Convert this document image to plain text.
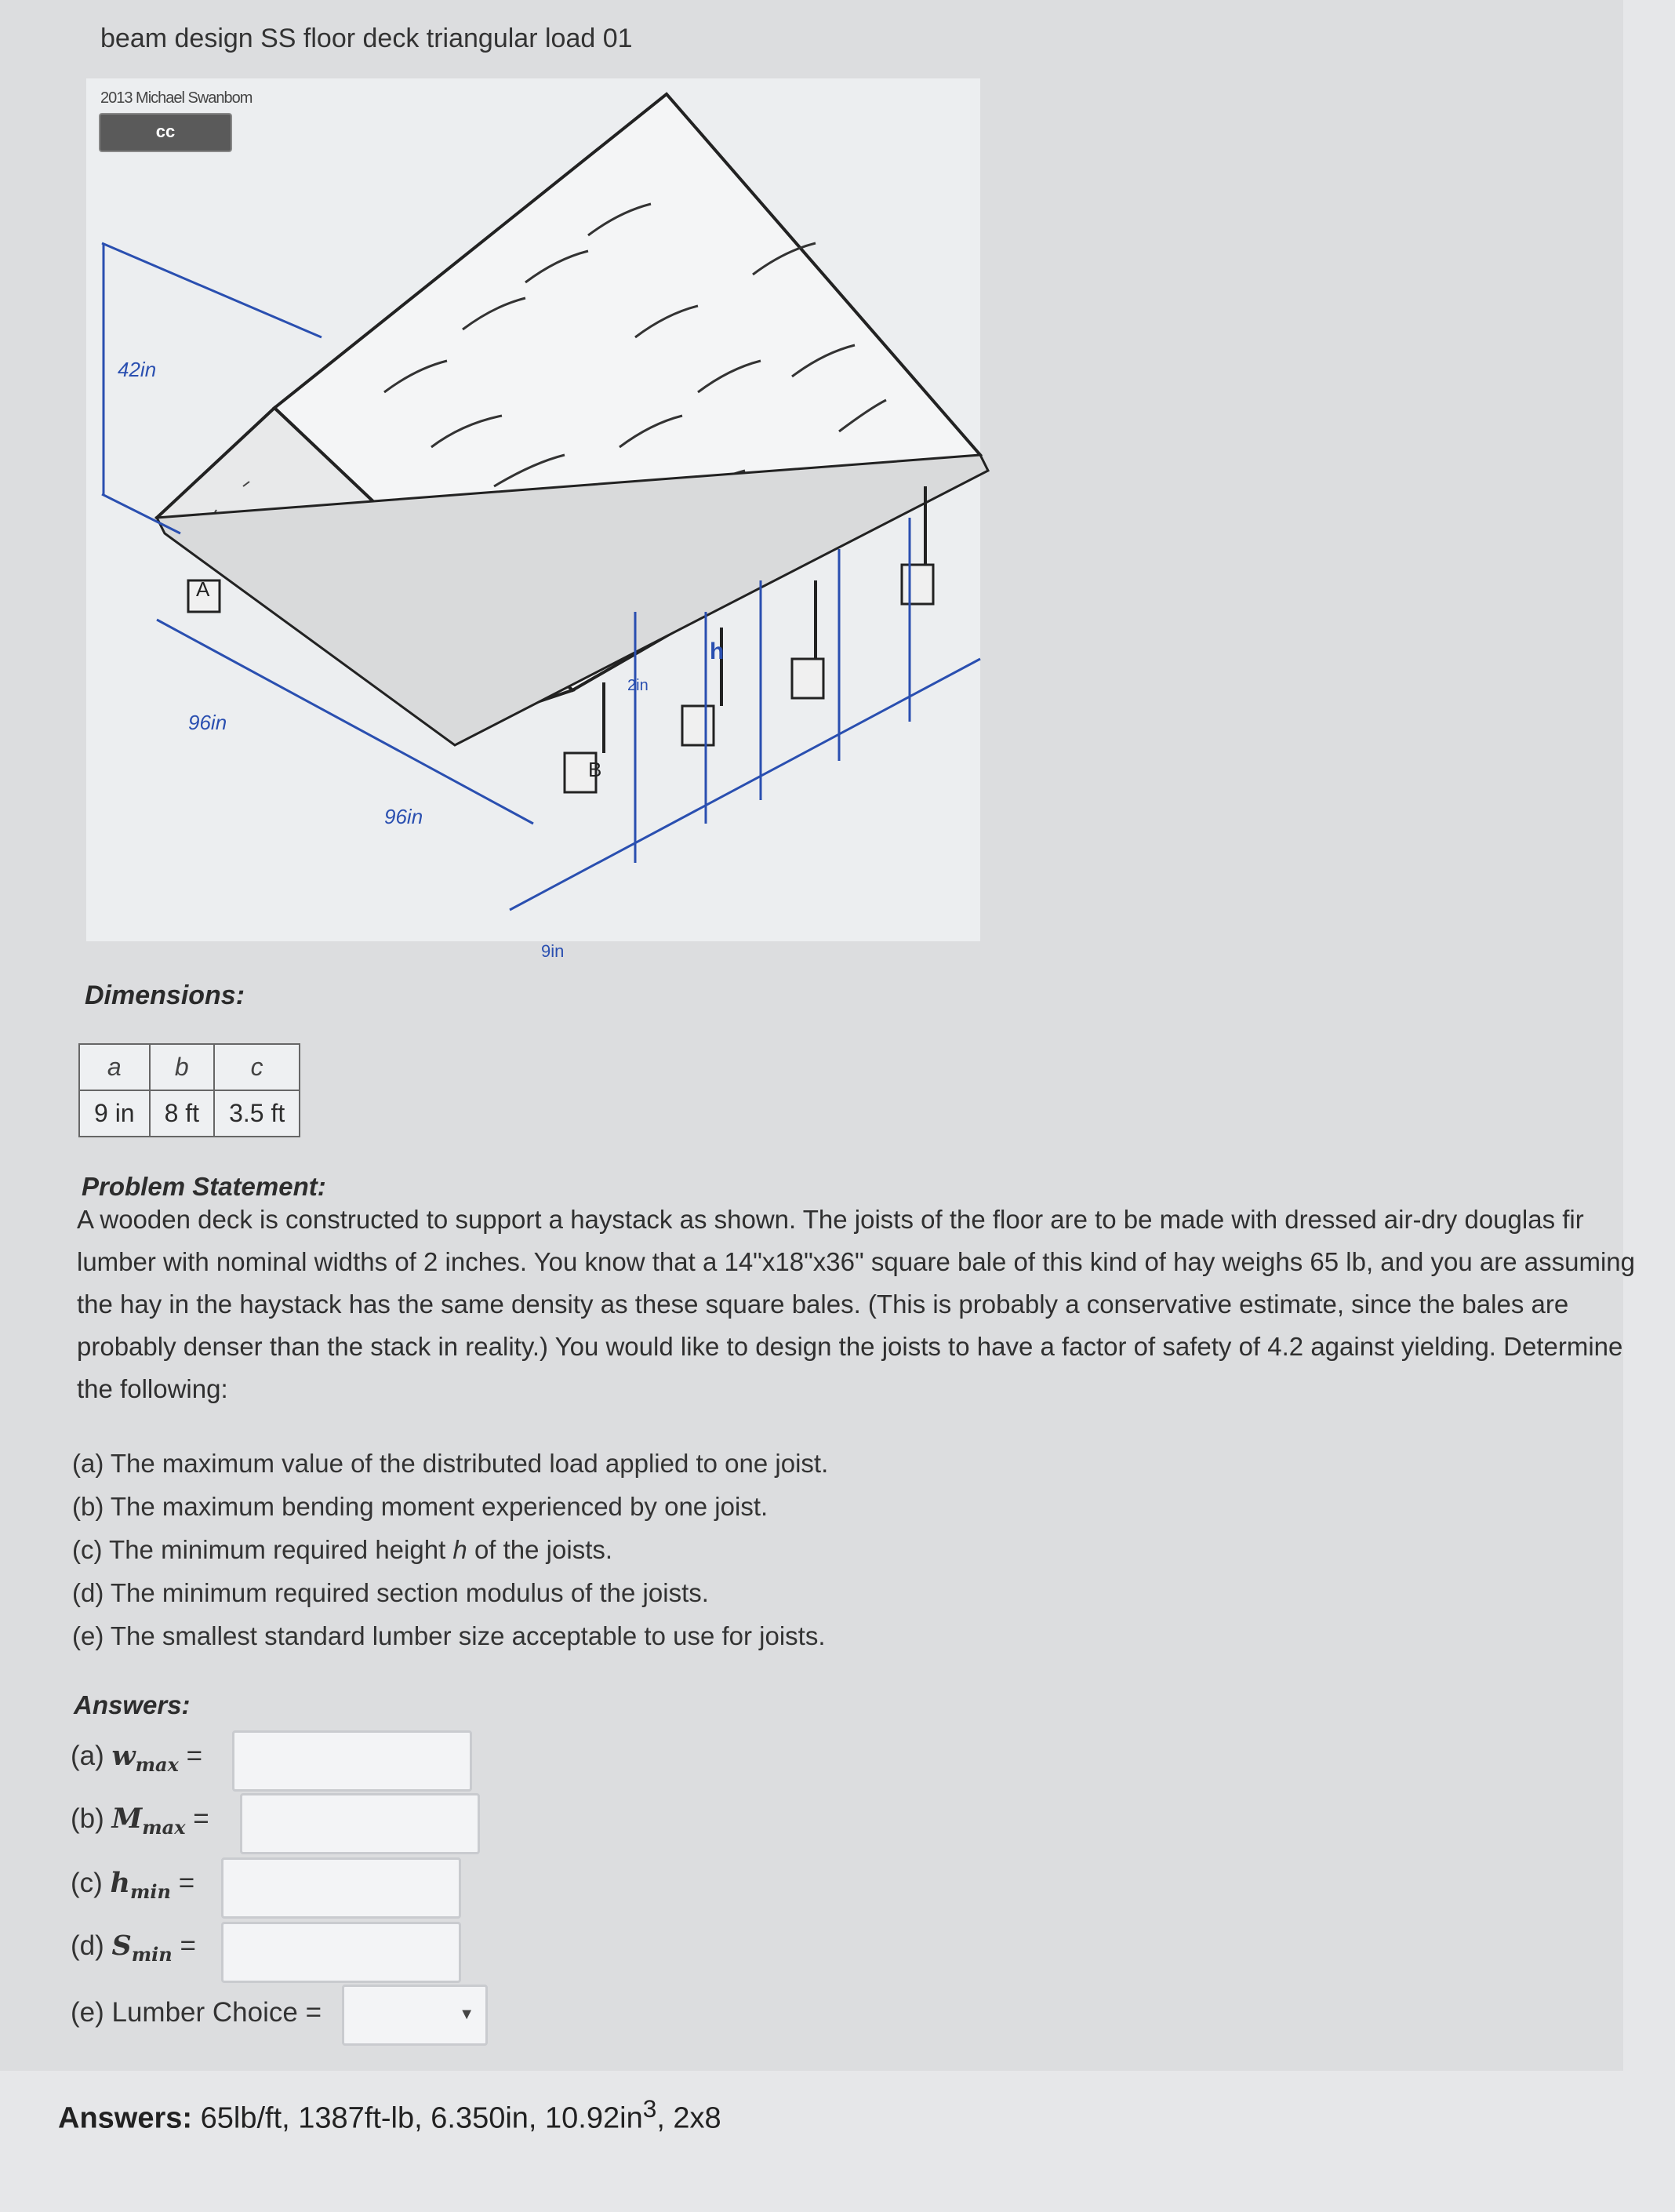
beam design SS floor deck triangular load 01
42in
96in
96in
9in
A
B
h
2in
2013 Michael Swanbom
cc
Dimensions:
a	b	c
9 in	8 ft	3.5 ft
Problem Statement:
A wooden deck is constructed to support a haystack as shown. The joists of the floor are to be made with dressed air-dry douglas fir lumber with nominal widths of 2 inches. You know that a 14"x18"x36" square bale of this kind of hay weighs 65 lb, and you are assuming the hay in the haystack has the same density as these square bales. (This is probably a conservative estimate, since the bales are probably denser than the stack in reality.) You would like to design the joists to have a factor of safety of 4.2 against yielding. Determine the following:
(a) The maximum value of the distributed load applied to one joist.
(b) The maximum bending moment experienced by one joist.
(c) The minimum required height h of the joists.
(d) The minimum required section modulus of the joists.
(e) The smallest standard lumber size acceptable to use for joists.
Answers:
(a) $w_{max}$ =
(b) $M_{max}$ =
(c) $h_{min}$ =
(d) $S_{min}$ =
(e) Lumber Choice =	▼
Answers: 65lb/ft, 1387ft-lb, 6.350in, $10.92in^3$, 2x8
